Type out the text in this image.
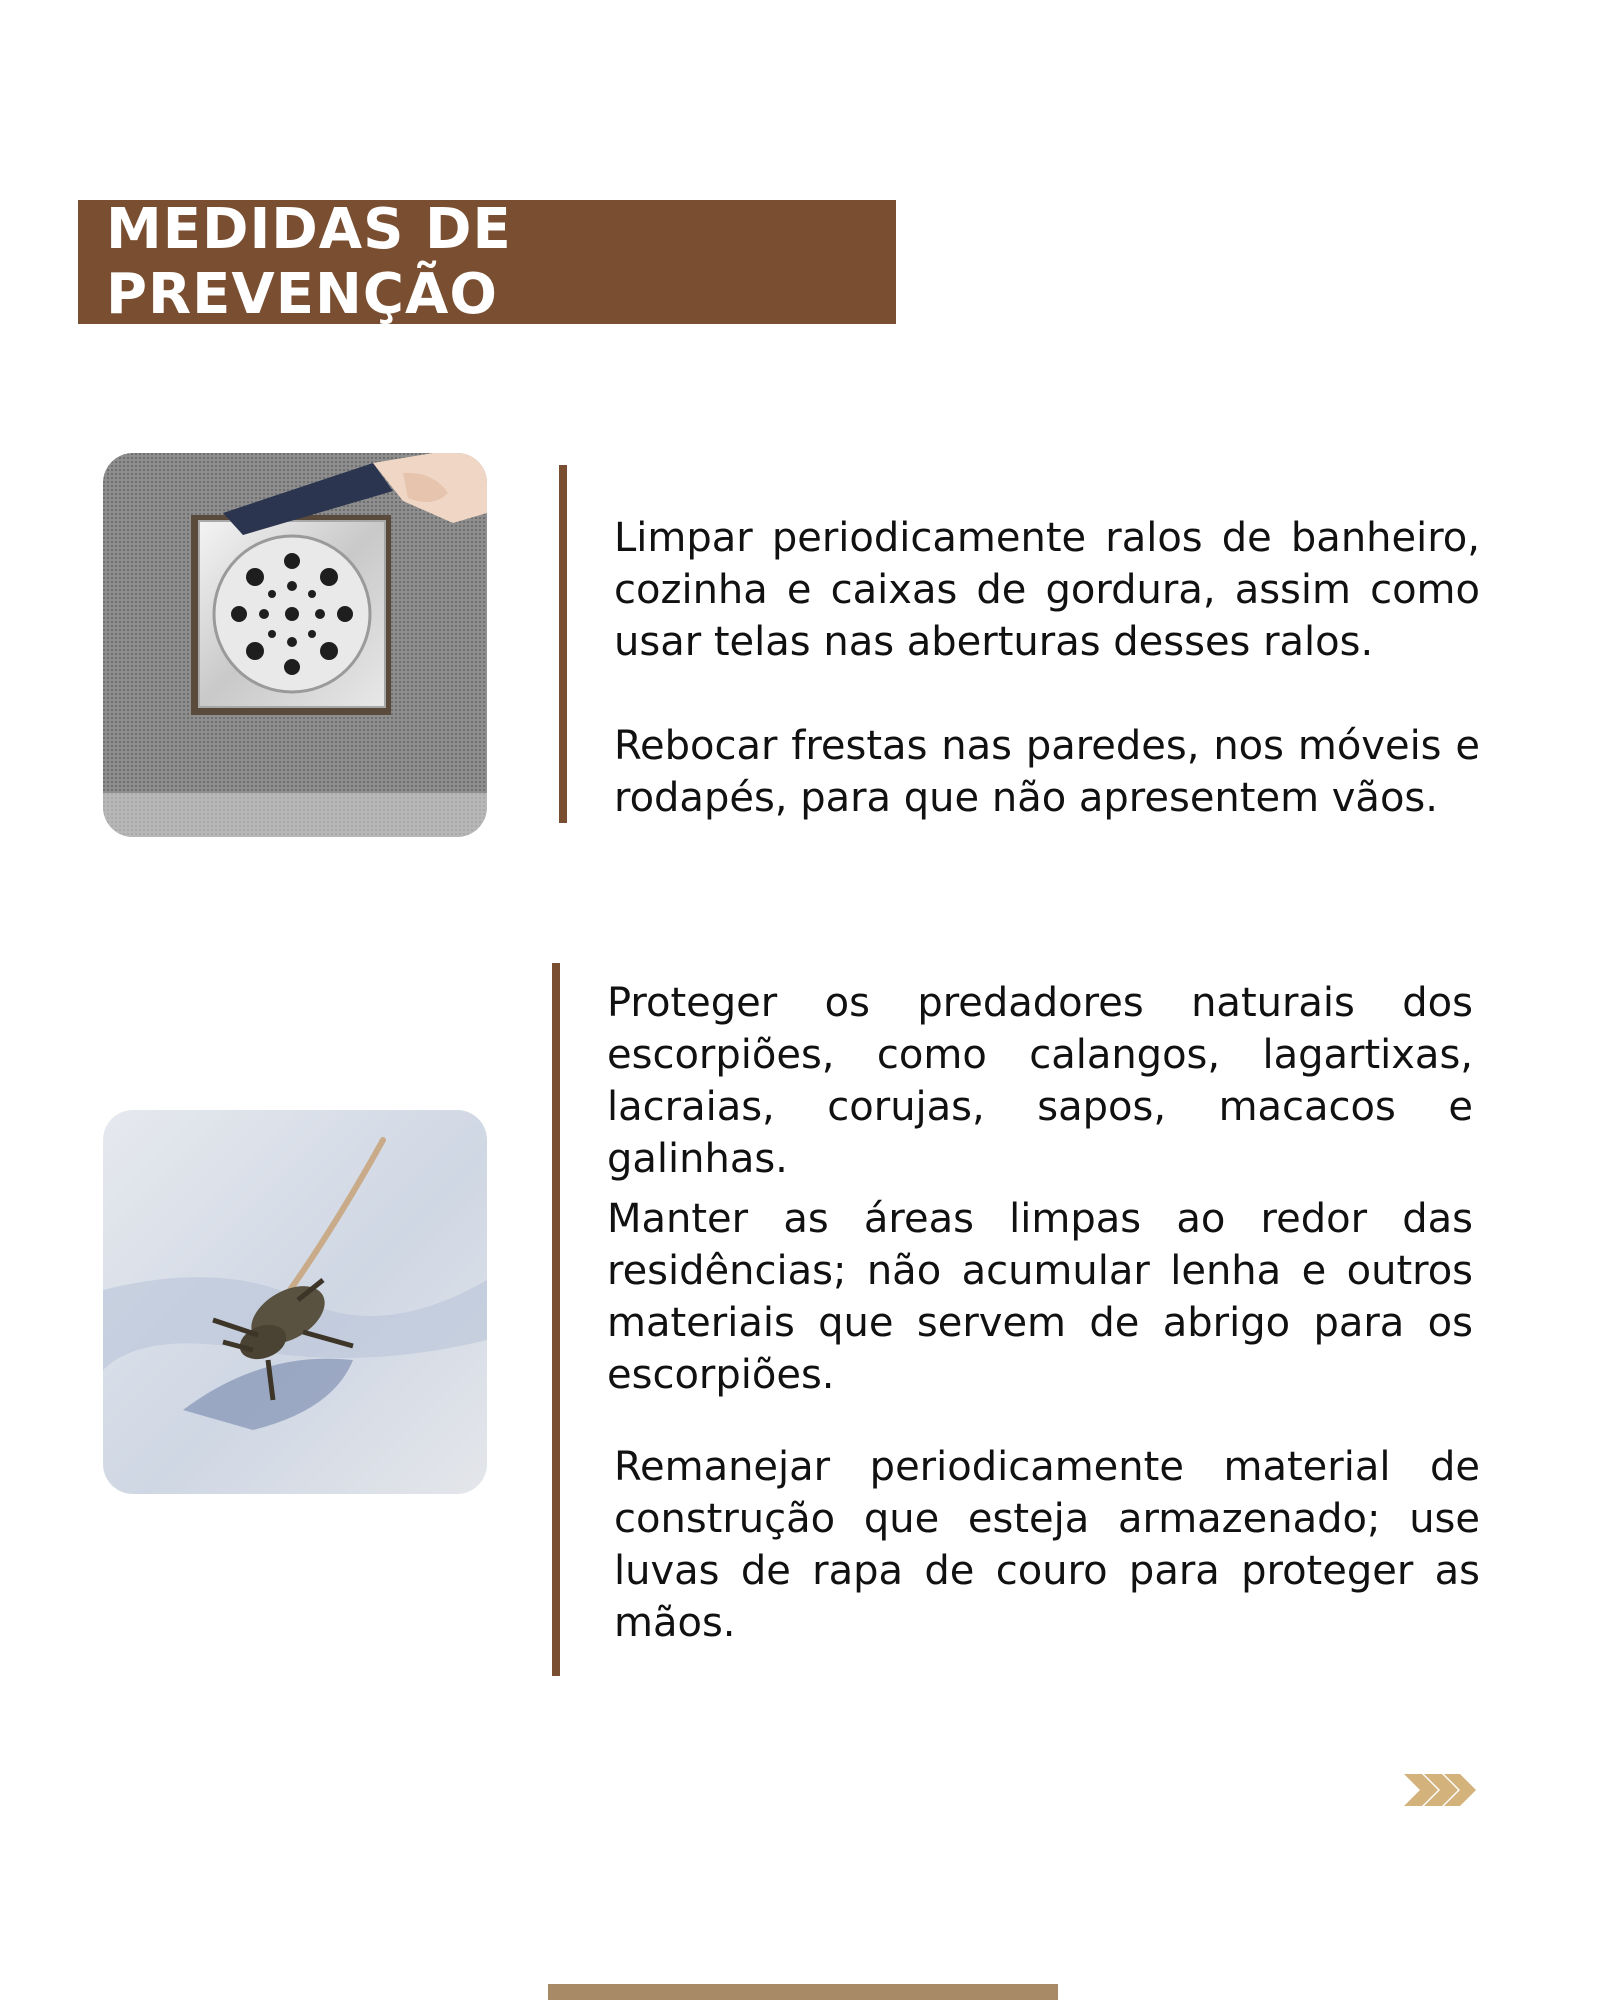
MEDIDAS DE PREVENÇÃO

Limpar periodicamente ralos de banheiro, cozinha e caixas de gordura, assim como usar telas nas aberturas desses ralos.

Rebocar frestas nas paredes, nos móveis e rodapés, para que não apresentem vãos.

Proteger os predadores naturais dos escorpiões, como calangos, lagartixas, lacraias, corujas, sapos, macacos e galinhas.

Manter as áreas limpas ao redor das residências; não acumular lenha e outros materiais que servem de abrigo para os escorpiões.

Remanejar periodicamente material de construção que esteja armazenado; use luvas de rapa de couro para proteger as mãos.
